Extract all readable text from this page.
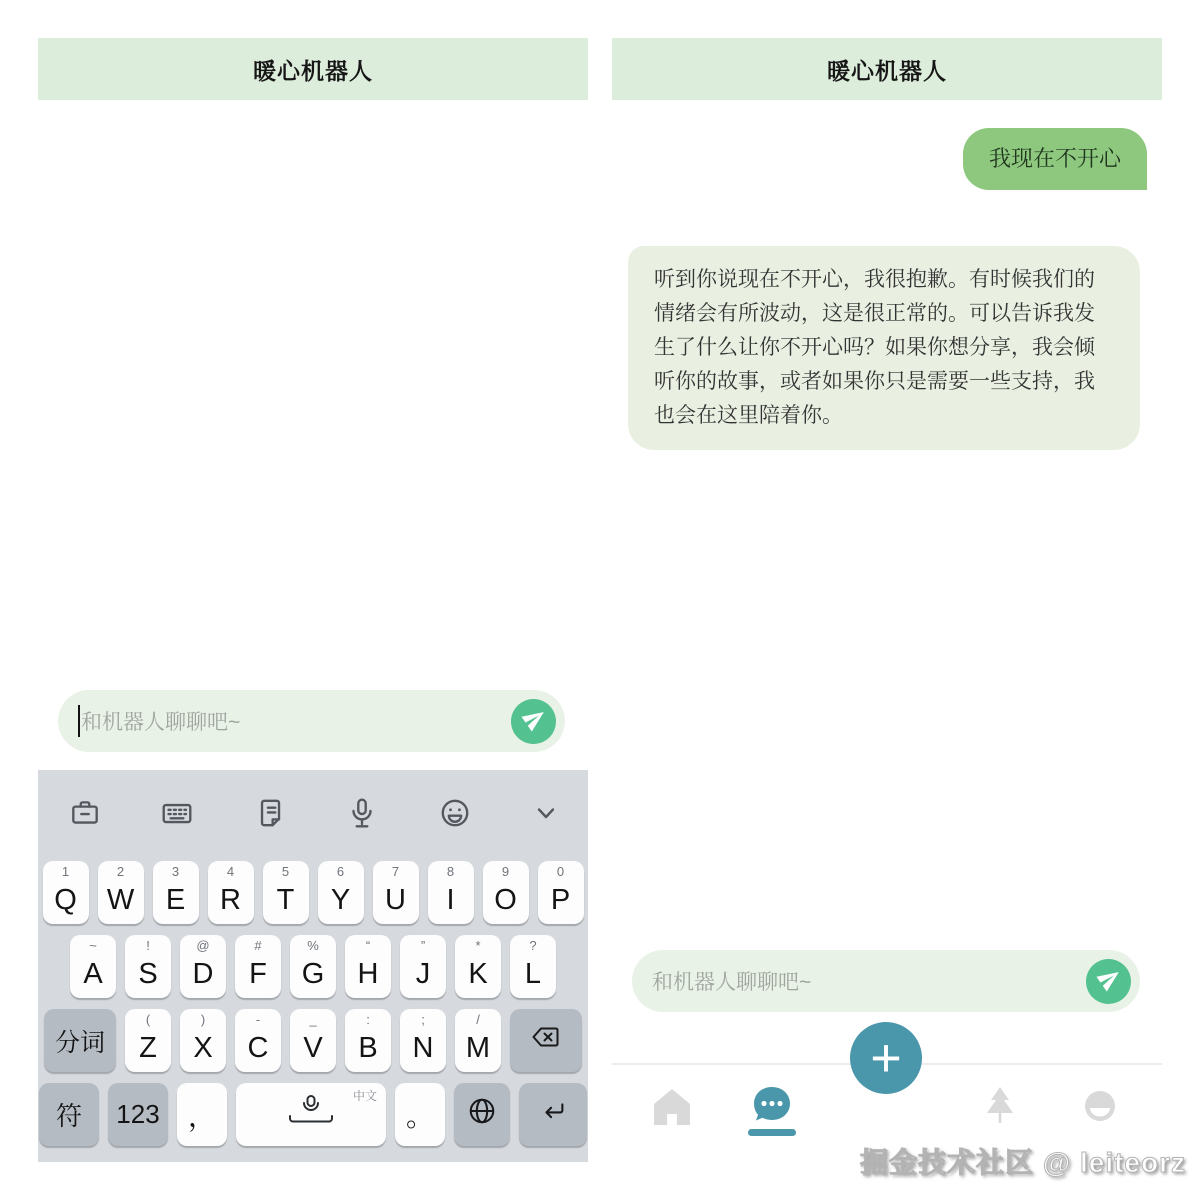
暖心机器人
和机器人聊聊吧~
1
Q
2
W
3
E
4
R
5
T
6
Y
7
U
8
I
9
O
0
P
~
A
!
S
@
D
#
F
%
G
“
H
”
J
*
K
?
L
分词
(
Z
)
X
-
C
_
V
:
B
;
N
/
M
符	123	，
中文
。
暖心机器人
我现在不开心
听到你说现在不开心，我很抱歉。有时候我们的情绪会有所波动，这是很正常的。可以告诉我发生了什么让你不开心吗？如果你想分享，我会倾听你的故事，或者如果你只是需要一些支持，我也会在这里陪着你。
和机器人聊聊吧~
+
掘金技术社区 @ leiteorz
